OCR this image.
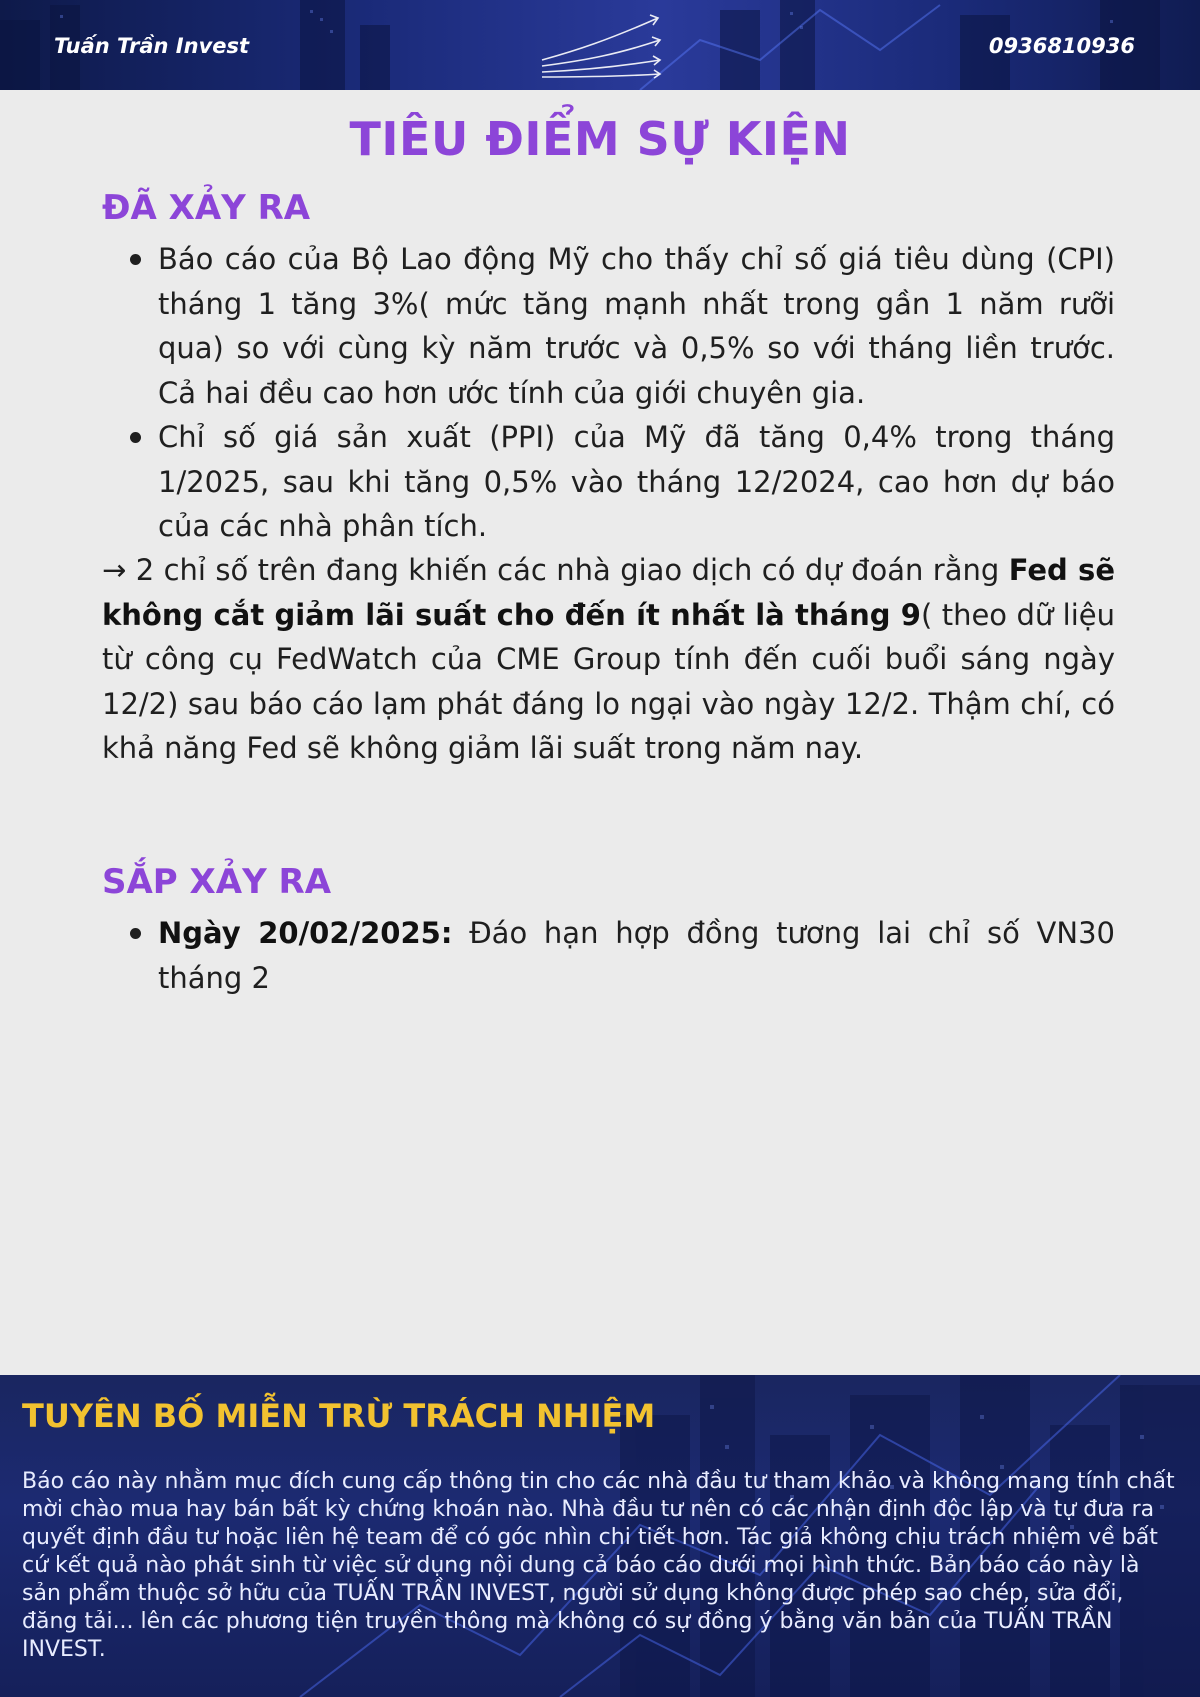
Tuấn Trần Invest	0936810936
TIÊU ĐIỂM SỰ KIỆN
ĐÃ XẢY RA
Báo cáo của Bộ Lao động Mỹ cho thấy chỉ số giá tiêu dùng (CPI) tháng 1 tăng 3%( mức tăng mạnh nhất trong gần 1 năm rưỡi qua) so với cùng kỳ năm trước và 0,5% so với tháng liền trước. Cả hai đều cao hơn ước tính của giới chuyên gia.
Chỉ số giá sản xuất (PPI) của Mỹ đã tăng 0,4% trong tháng 1/2025, sau khi tăng 0,5% vào tháng 12/2024, cao hơn dự báo của các nhà phân tích.

→ 2 chỉ số trên đang khiến các nhà giao dịch có dự đoán rằng Fed sẽ không cắt giảm lãi suất cho đến ít nhất là tháng 9( theo dữ liệu từ công cụ FedWatch của CME Group tính đến cuối buổi sáng ngày 12/2) sau báo cáo lạm phát đáng lo ngại vào ngày 12/2. Thậm chí, có khả năng Fed sẽ không giảm lãi suất trong năm nay.

SẮP XẢY RA
Ngày 20/02/2025: Đáo hạn hợp đồng tương lai chỉ số VN30 tháng 2
TUYÊN BỐ MIỄN TRỪ TRÁCH NHIỆM

Báo cáo này nhằm mục đích cung cấp thông tin cho các nhà đầu tư tham khảo và không mang tính chất mời chào mua hay bán bất kỳ chứng khoán nào. Nhà đầu tư nên có các nhận định độc lập và tự đưa ra quyết định đầu tư hoặc liên hệ team để có góc nhìn chi tiết hơn. Tác giả không chịu trách nhiệm về bất cứ kết quả nào phát sinh từ việc sử dụng nội dung cả báo cáo dưới mọi hình thức. Bản báo cáo này là sản phẩm thuộc sở hữu của TUẤN TRẦN INVEST, người sử dụng không được phép sao chép, sửa đổi, đăng tải... lên các phương tiện truyền thông mà không có sự đồng ý bằng văn bản của TUẤN TRẦN INVEST.
